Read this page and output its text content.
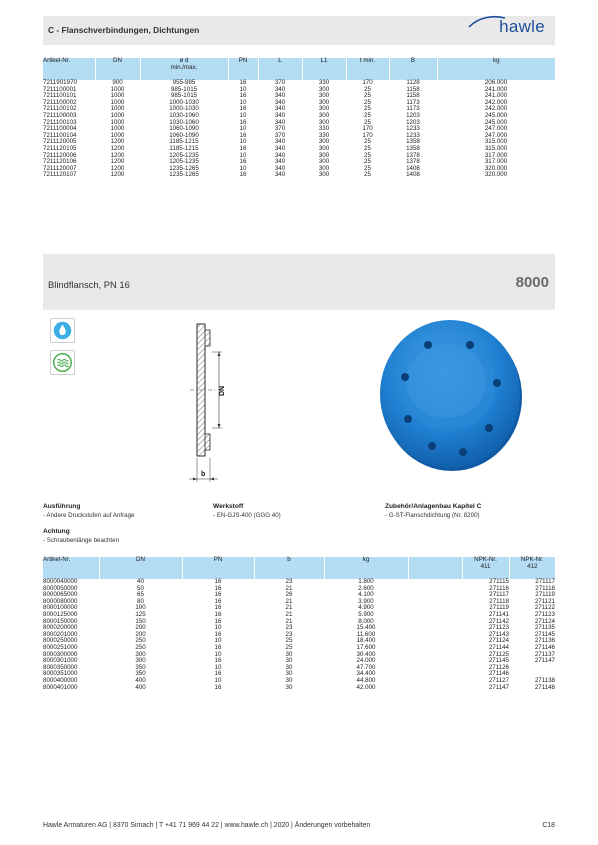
C - Flanschverbindungen, Dichtungen	hawle
Artikel-Nr.	DN	ø d
min./max.	PN	L	L1	t min.	B	kg
7211901970	900	955-985	16	370	330	170	1128	206.000
7211100001	1000	985-1015	10	340	300	25	1158	241.000
7211100101	1000	985-1015	16	340	300	25	1158	241.000
7211100002	1000	1000-1030	10	340	300	25	1173	242.000
7211100102	1000	1000-1030	16	340	300	25	1173	242.000
7211100003	1000	1030-1060	10	340	300	25	1203	245.000
7211100103	1000	1030-1060	16	340	300	25	1203	245.000
7211100004	1000	1060-1090	10	370	330	170	1233	247.000
7211100104	1000	1060-1090	16	370	330	170	1233	247.000
7211120005	1200	1185-1215	10	340	300	25	1358	315.000
7211120105	1200	1185-1215	16	340	300	25	1358	315.000
7211120006	1200	1205-1235	10	340	300	25	1378	317.000
7211120106	1200	1205-1235	16	340	300	25	1378	317.000
7211120007	1200	1235-1265	10	340	300	25	1408	320.000
7211120107	1200	1235-1265	16	340	300	25	1408	320.000
Blindflansch, PN 16	8000
DN
b
Ausführung
- Andere Druckstufen auf Anfrage
Werkstoff
- EN-GJS-400 (GGG 40)
Zubehör/Anlagenbau Kapitel C
- G-ST-Flanschdichtung (Nr. 8200)
Achtung
- Schraubenlänge beachten
Artikel-Nr.	DN	PN	b	kg		NPK-Nr.
411	NPK-Nr.
412
8000040000	40	16	23	1.800		271115	271117
8000050000	50	16	21	2.600		271116	271118
8000065000	65	16	26	4.100		271117	271119
8000080000	80	16	21	3.900		271118	271121
8000100000	100	16	21	4.900		271119	271122
8000125000	125	16	21	5.900		271141	271123
8000150000	150	16	21	8.000		271142	271124
8000200000	200	10	23	15.400		271123	271135
8000201000	200	16	23	11.600		271143	271145
8000250000	250	10	25	18.400		271124	271136
8000251000	250	16	25	17.600		271144	271146
8000300000	300	10	30	30.400		271125	271137
8000301000	300	16	30	24.000		271145	271147
8000350000	350	10	30	47.700		271126	
8000351000	350	16	30	34.400		271146	
8000400000	400	10	30	44.800		271127	271138
8000401000	400	16	30	42.000		271147	271148
Hawle Armaturen AG | 8370 Sirnach | T +41 71 969 44 22 | www.hawle.ch | 2020 | Änderungen vorbehalten	C18
